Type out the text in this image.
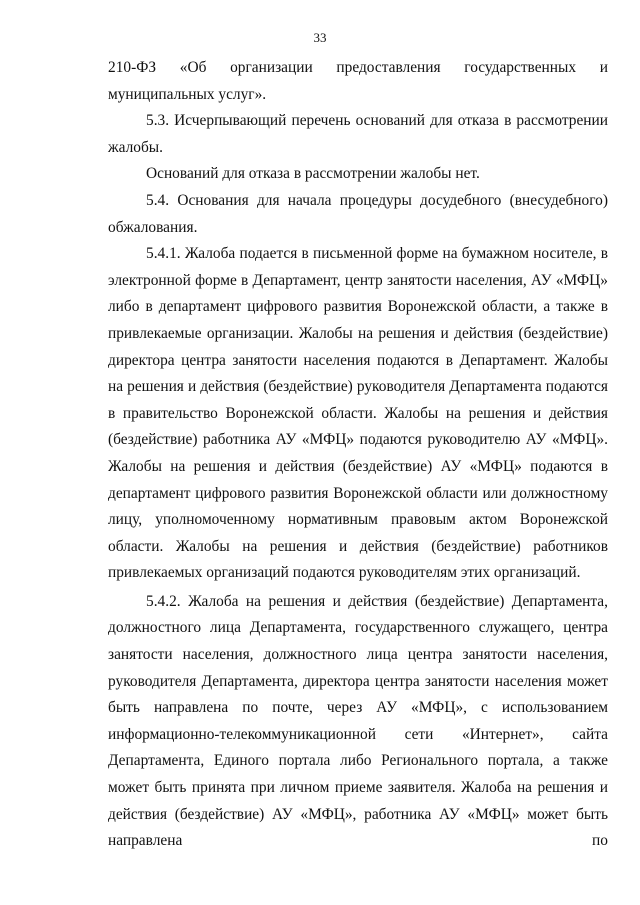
33

210-ФЗ «Об организации предоставления государственных и муниципальных услуг».

5.3. Исчерпывающий перечень оснований для отказа в рассмотрении жалобы.

Оснований для отказа в рассмотрении жалобы нет.

5.4. Основания для начала процедуры досудебного (внесудебного) обжалования.

5.4.1. Жалоба подается в письменной форме на бумажном носителе, в электронной форме в Департамент, центр занятости населения, АУ «МФЦ» либо в департамент цифрового развития Воронежской области, а также в привлекаемые организации. Жалобы на решения и действия (бездействие) директора центра занятости населения подаются в Департамент. Жалобы на решения и действия (бездействие) руководителя Департамента подаются в правительство Воронежской области. Жалобы на решения и действия (бездействие) работника АУ «МФЦ» подаются руководителю АУ «МФЦ». Жалобы на решения и действия (бездействие) АУ «МФЦ» подаются в департамент цифрового развития Воронежской области или должностному лицу, уполномоченному нормативным правовым актом Воронежской области. Жалобы на решения и действия (бездействие) работников привлекаемых организаций подаются руководителям этих организаций.

5.4.2. Жалоба на решения и действия (бездействие) Департамента, должностного лица Департамента, государственного служащего, центра занятости населения, должностного лица центра занятости населения, руководителя Департамента, директора центра занятости населения может быть направлена по почте, через АУ «МФЦ», с использованием информационно-телекоммуникационной сети «Интернет», сайта Департамента, Единого портала либо Регионального портала, а также может быть принята при личном приеме заявителя. Жалоба на решения и действия (бездействие) АУ «МФЦ», работника АУ «МФЦ» может быть направлена по
